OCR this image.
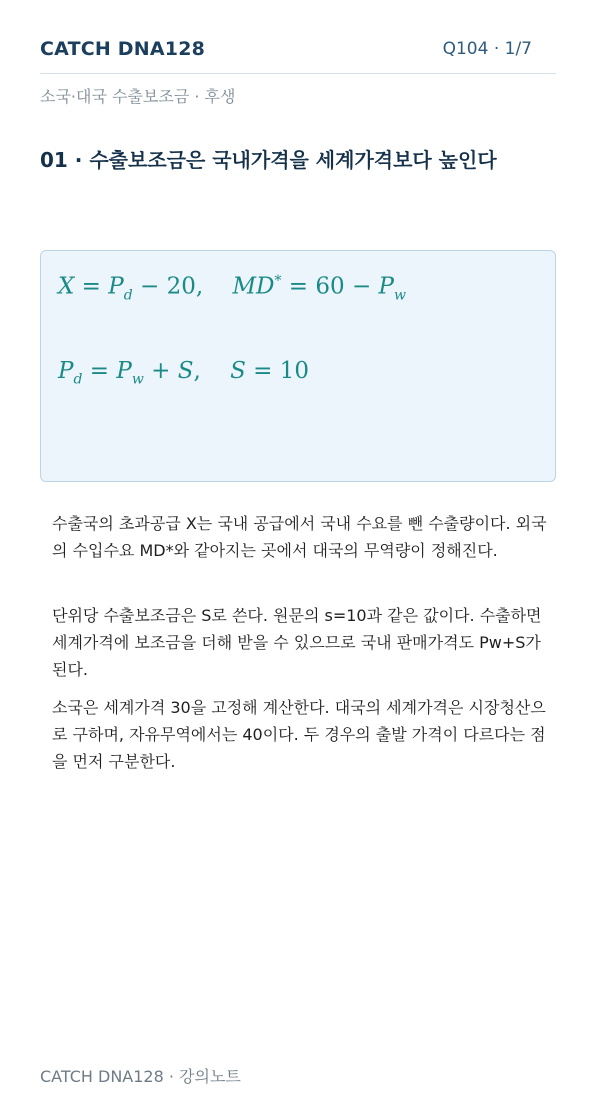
CATCH DNA128	Q104 · 1/7
소국·대국 수출보조금 · 후생
01 · 수출보조금은 국내가격을 세계가격보다 높인다
$X = P_d - 20$, $MD^* = 60 - P_w$
$P_d = P_w + S$,    S = 10
수출국의 초과공급 X는 국내 공급에서 국내 수요를 뺀 수출량이다. 외국의 수입수요 MD*와 같아지는 곳에서 대국의 무역량이 정해진다.
단위당 수출보조금은 S로 쓴다. 원문의 s=10과 같은 값이다. 수출하면 세계가격에 보조금을 더해 받을 수 있으므로 국내 판매가격도 Pw+S가 된다.
소국은 세계가격 30을 고정해 계산한다. 대국의 세계가격은 시장청산으로 구하며, 자유무역에서는 40이다. 두 경우의 출발 가격이 다르다는 점을 먼저 구분한다.
CATCH DNA128 · 강의노트
